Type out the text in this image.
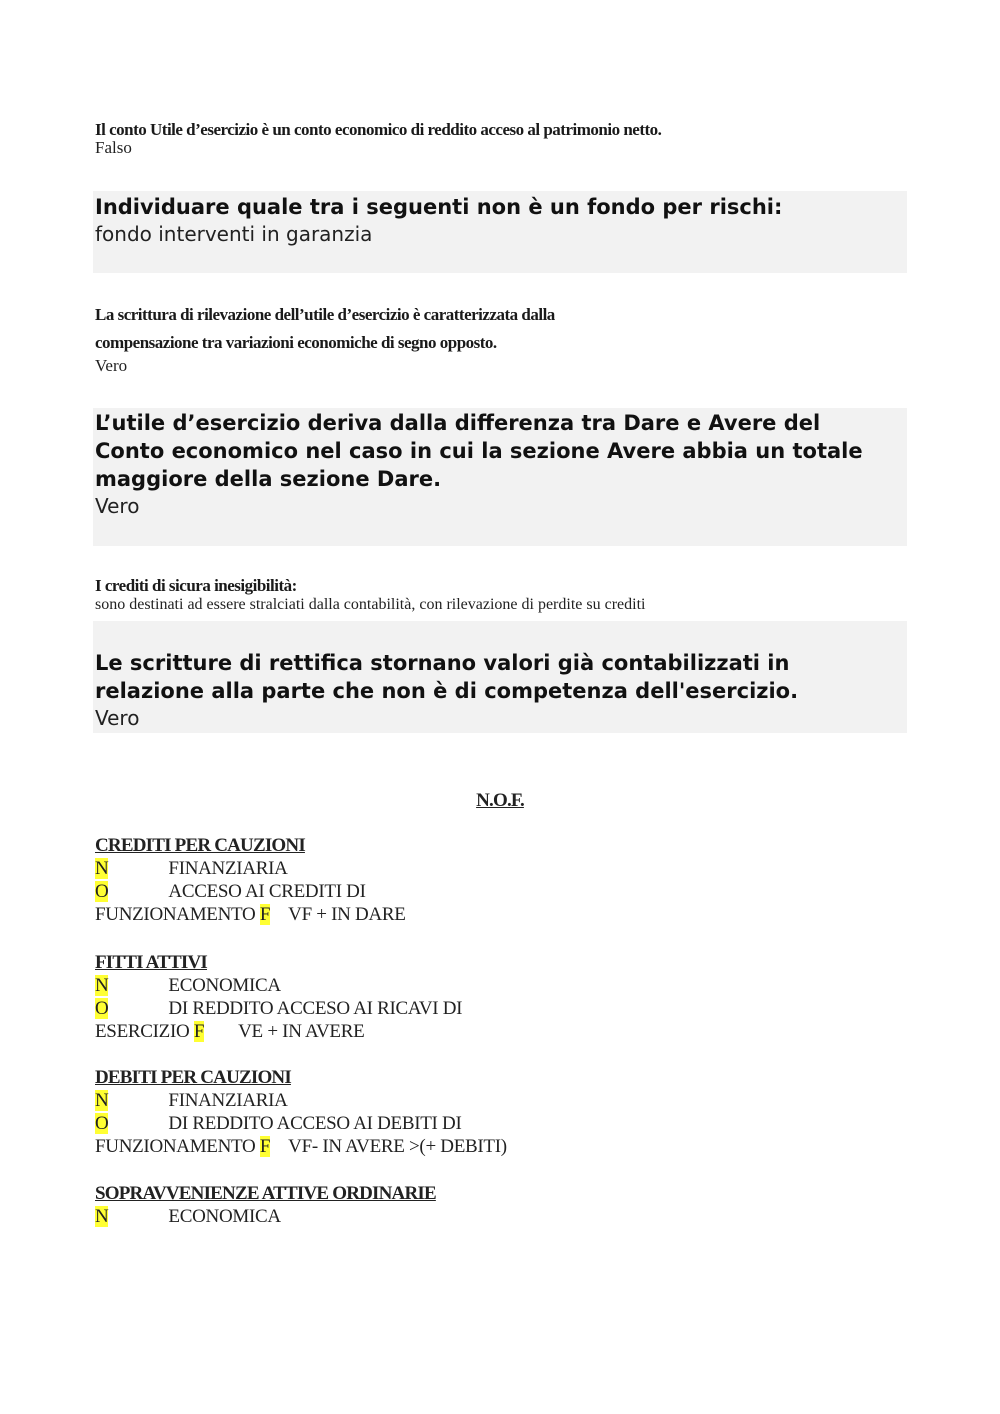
Il conto Utile d’esercizio è un conto economico di reddito acceso al patrimonio netto.
Falso
Individuare quale tra i seguenti non è un fondo per rischi:
fondo interventi in garanzia
La scrittura di rilevazione dell’utile d’esercizio è caratterizzata dalla
compensazione tra variazioni economiche di segno opposto.
Vero
L’utile d’esercizio deriva dalla differenza tra Dare e Avere del Conto economico nel caso in cui la sezione Avere abbia un totale maggiore della sezione Dare.
Vero
I crediti di sicura inesigibilità:
sono destinati ad essere stralciati dalla contabilità, con rilevazione di perdite su crediti
Le scritture di rettifica stornano valori già contabilizzati in relazione alla parte che non è di competenza dell'esercizio.
Vero
N.O.F.
CREDITI PER CAUZIONI
N	FINANZIARIA
O	ACCESO AI CREDITI DI
FUNZIONAMENTO F VF + IN DARE
FITTI ATTIVI
N	ECONOMICA
O	DI REDDITO ACCESO AI RICAVI DI
ESERCIZIO F VE + IN AVERE
DEBITI PER CAUZIONI
N	FINANZIARIA
O	DI REDDITO ACCESO AI DEBITI DI
FUNZIONAMENTO F VF- IN AVERE >(+ DEBITI)
SOPRAVVENIENZE ATTIVE ORDINARIE
N	ECONOMICA
